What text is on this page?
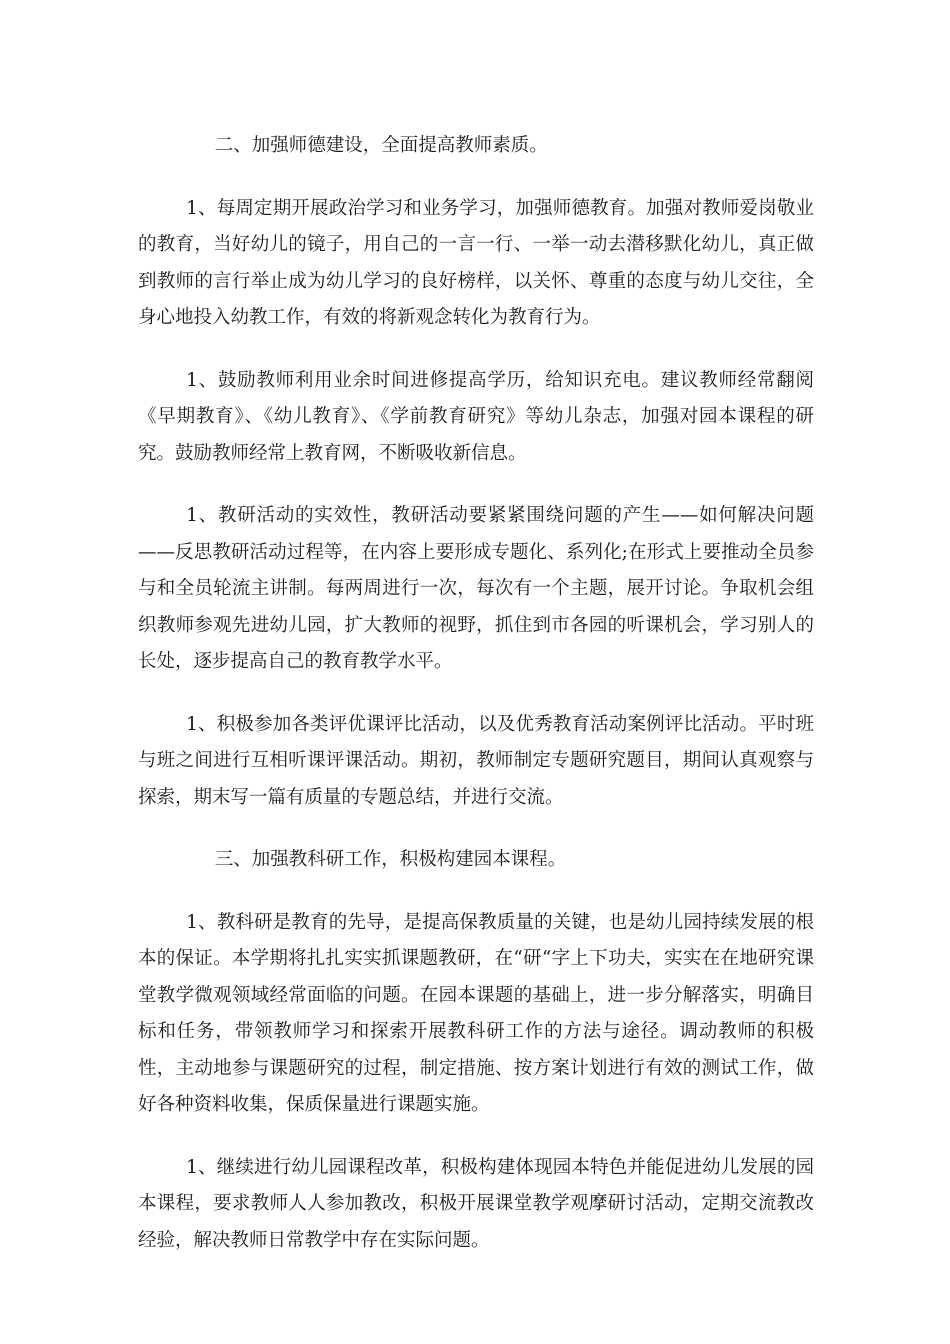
二、加强师德建设，全面提高教师素质。

1、每周定期开展政治学习和业务学习，加强师德教育。加强对教师爱岗敬业的教育，当好幼儿的镜子，用自己的一言一行、一举一动去潜移默化幼儿，真正做到教师的言行举止成为幼儿学习的良好榜样，以关怀、尊重的态度与幼儿交往，全身心地投入幼教工作，有效的将新观念转化为教育行为。

1、鼓励教师利用业余时间进修提高学历，给知识充电。建议教师经常翻阅《早期教育》、《幼儿教育》、《学前教育研究》等幼儿杂志，加强对园本课程的研究。鼓励教师经常上教育网，不断吸收新信息。

1、教研活动的实效性，教研活动要紧紧围绕问题的产生——如何解决问题——反思教研活动过程等，在内容上要形成专题化、系列化;在形式上要推动全员参与和全员轮流主讲制。每两周进行一次，每次有一个主题，展开讨论。争取机会组织教师参观先进幼儿园，扩大教师的视野，抓住到市各园的听课机会，学习别人的长处，逐步提高自己的教育教学水平。

1、积极参加各类评优课评比活动，以及优秀教育活动案例评比活动。平时班与班之间进行互相听课评课活动。期初，教师制定专题研究题目，期间认真观察与探索，期末写一篇有质量的专题总结，并进行交流。

三、加强教科研工作，积极构建园本课程。

1、教科研是教育的先导，是提高保教质量的关键，也是幼儿园持续发展的根本的保证。本学期将扎扎实实抓课题教研，在“研“字上下功夫，实实在在地研究课堂教学微观领域经常面临的问题。在园本课题的基础上，进一步分解落实，明确目标和任务，带领教师学习和探索开展教科研工作的方法与途径。调动教师的积极性，主动地参与课题研究的过程，制定措施、按方案计划进行有效的测试工作，做好各种资料收集，保质保量进行课题实施。

1、继续进行幼儿园课程改革，积极构建体现园本特色并能促进幼儿发展的园本课程，要求教师人人参加教改，积极开展课堂教学观摩研讨活动，定期交流教改经验，解决教师日常教学中存在实际问题。
